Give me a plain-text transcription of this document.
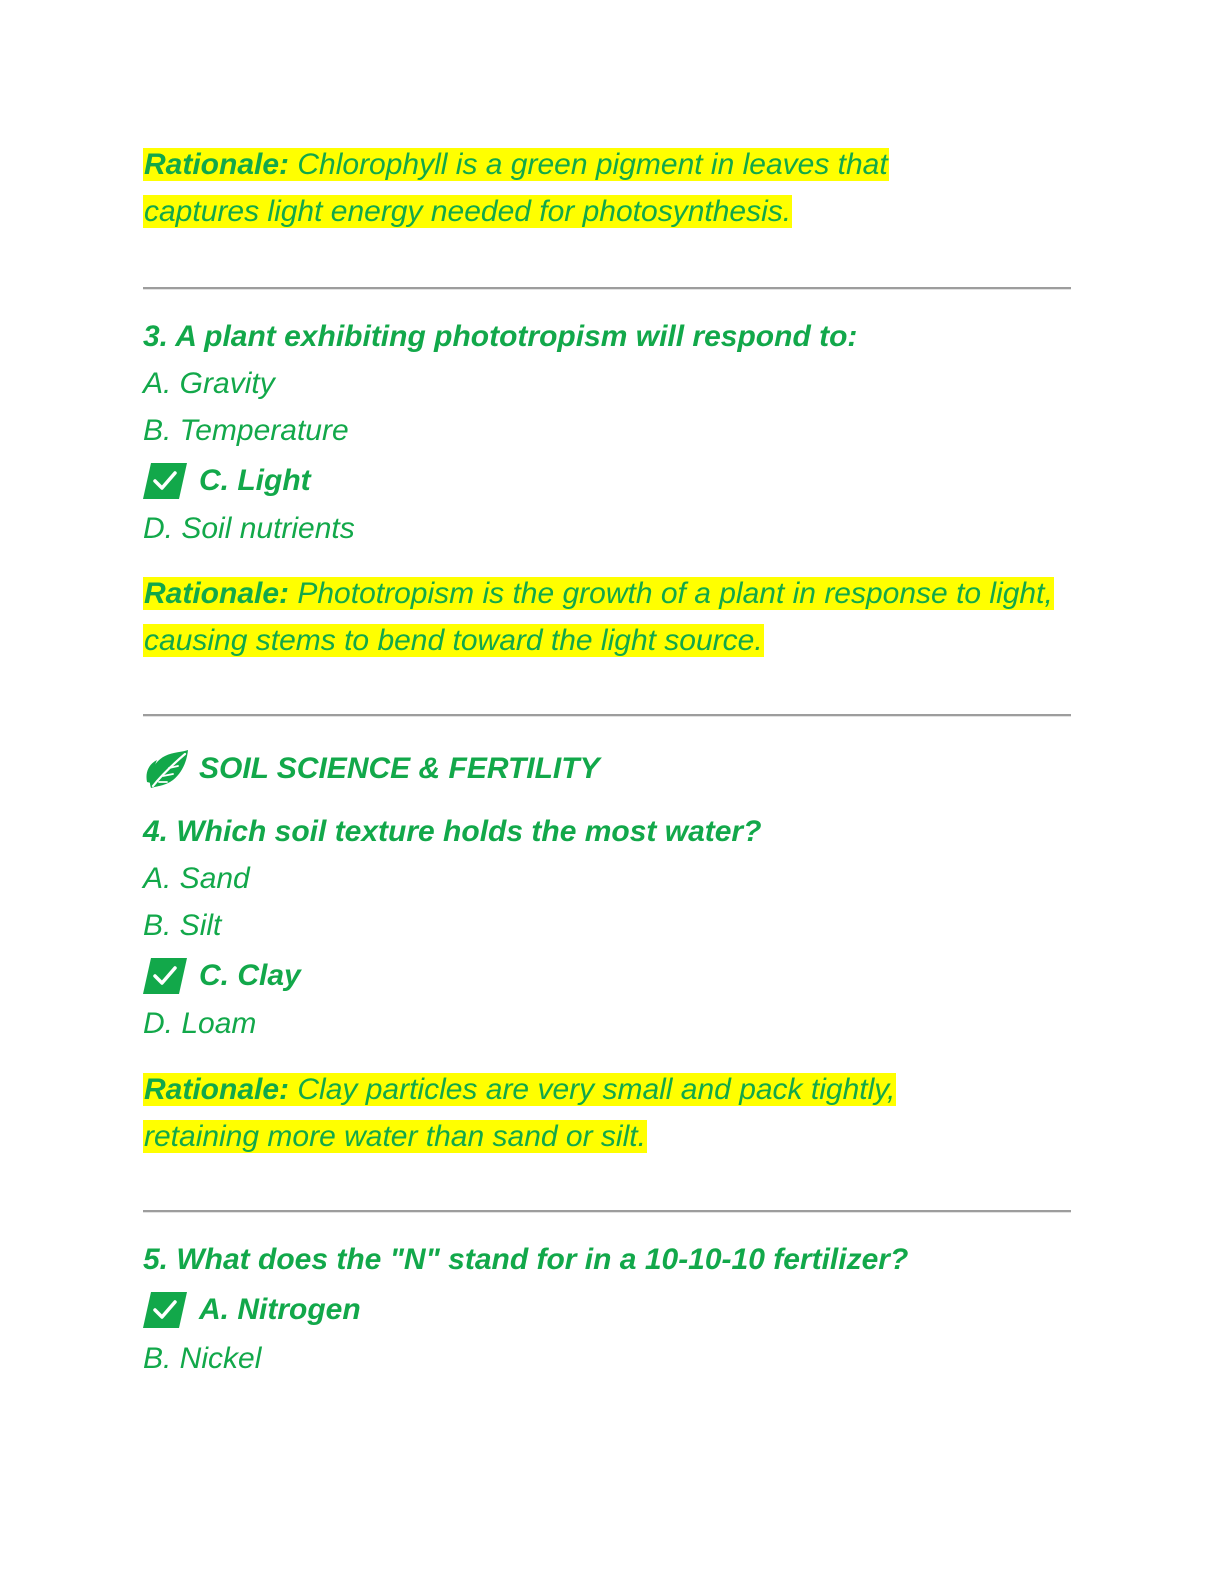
Rationale: Chlorophyll is a green pigment in leaves that captures light energy needed for photosynthesis.
3. A plant exhibiting phototropism will respond to:
A. Gravity
B. Temperature
C. Light
D. Soil nutrients
Rationale: Phototropism is the growth of a plant in response to light, causing stems to bend toward the light source.
SOIL SCIENCE & FERTILITY
4. Which soil texture holds the most water?
A. Sand
B. Silt
C. Clay
D. Loam
Rationale: Clay particles are very small and pack tightly, retaining more water than sand or silt.
5. What does the "N" stand for in a 10-10-10 fertilizer?
A. Nitrogen
B. Nickel
